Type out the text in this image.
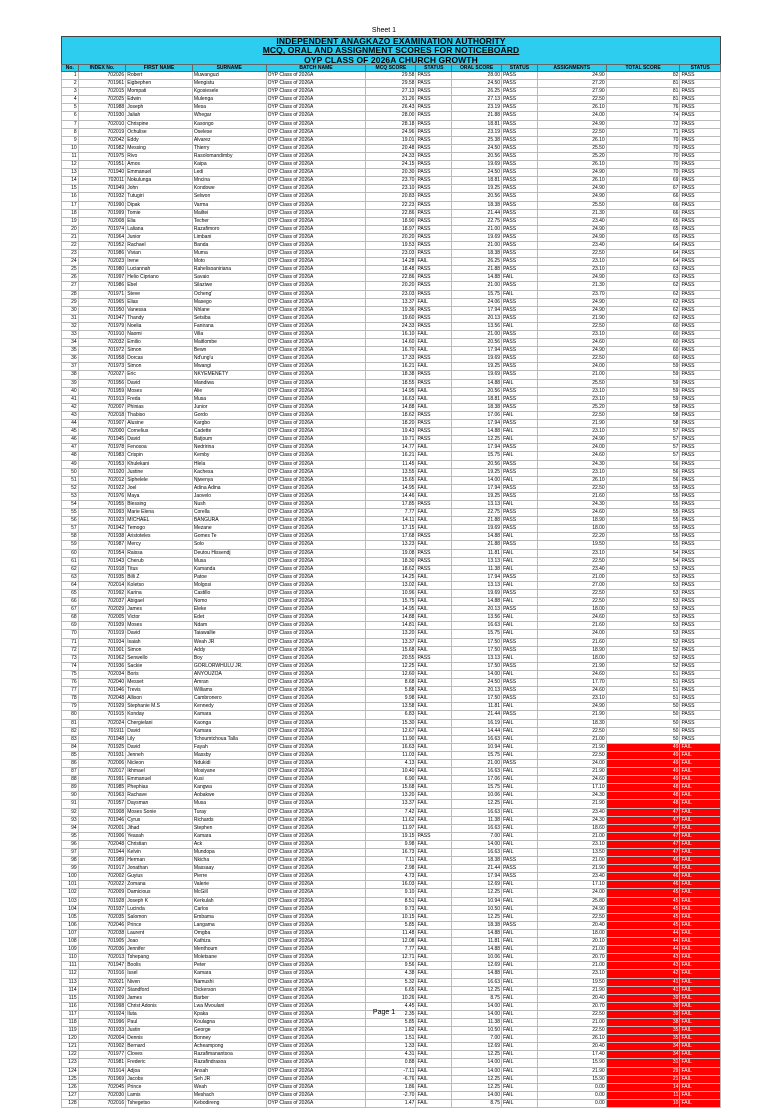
Sheet 1
INDEPENDENT ANAGKAZO EXAMINATION AUTHORITY
MCQ, ORAL AND ASSIGNMENT SCORES FOR NOTICEBOARD
OYP CLASS OF 2026A CHURCH GROWTH
No.	INDEX No.	FIRST NAME	SURNAME	BATCH NAME	MCQ SCORE	STATUS	ORAL SCORE	STATUS	ASSIGNMENTS	TOTAL SCORE	STATUS
1	702026	Robert	Muwanguzi	OYP Class of 2026A	29.58	PASS	28.00	PASS	24.90	82	PASS
2	701961	Eigbephen	Mengistu	OYP Class of 2026A	29.58	PASS	24.50	PASS	27.20	81	PASS
3	702015	Mompati	Kgosiesele	OYP Class of 2026A	27.13	PASS	26.25	PASS	27.90	81	PASS
4	702025	Edwin	Mulenga	OYP Class of 2026A	31.26	PASS	27.13	PASS	22.50	81	PASS
5	701988	Joseph	Mesa	OYP Class of 2026A	26.43	PASS	23.19	PASS	26.10	76	PASS
6	701930	Jaliah	Whegar	OYP Class of 2026A	28.00	PASS	21.88	PASS	24.00	74	PASS
7	702010	Chrispine	Kasongo	OYP Class of 2026A	28.18	PASS	18.81	PASS	24.90	72	PASS
8	702019	Ochulise	Oselese	OYP Class of 2026A	24.96	PASS	23.19	PASS	22.50	71	PASS
9	702042	Eddy	Alvarez	OYP Class of 2026A	19.01	PASS	25.38	PASS	26.10	70	PASS
10	701982	Messing	Thierry	OYP Class of 2026A	20.48	PASS	24.50	PASS	25.50	70	PASS
11	701975	Rivo	Rasolomandimby	OYP Class of 2026A	24.33	PASS	20.56	PASS	25.20	70	PASS
12	701951	Amos	Kaipa	OYP Class of 2026A	24.15	PASS	19.69	PASS	26.10	70	PASS
13	701940	Emmanuel	Ledi	OYP Class of 2026A	20.30	PASS	24.50	PASS	24.90	70	PASS
14	702011	Nokulunga	Mncina	OYP Class of 2026A	23.70	PASS	18.81	PASS	26.10	69	PASS
15	701949	John	Kondowe	OYP Class of 2026A	23.10	PASS	19.25	PASS	24.90	67	PASS
16	701932	Tutugiri	Selwon	OYP Class of 2026A	20.83	PASS	20.56	PASS	24.90	66	PASS
17	701990	Dipak	Varma	OYP Class of 2026A	22.23	PASS	18.38	PASS	25.50	66	PASS
18	701999	Tomie	Mailtei	OYP Class of 2026A	22.86	PASS	21.44	PASS	21.30	66	PASS
19	702008	Elia	Techer	OYP Class of 2026A	18.90	PASS	22.75	PASS	23.40	65	PASS
20	701974	Laliana	Razafimoro	OYP Class of 2026A	18.97	PASS	21.00	PASS	24.90	65	PASS
21	701964	Junior	Limbani	OYP Class of 2026A	20.20	PASS	19.69	PASS	24.90	65	PASS
22	701952	Rachael	Banda	OYP Class of 2026A	19.53	PASS	21.00	PASS	23.40	64	PASS
23	701986	Vivian	Muma	OYP Class of 2026A	23.03	PASS	18.38	PASS	22.50	64	PASS
24	702023	Irene	Moto	OYP Class of 2026A	14.28	FAIL	26.25	PASS	23.10	64	PASS
25	701980	Luciannah	Rahelisoaniriana	OYP Class of 2026A	18.48	PASS	21.88	PASS	23.10	63	PASS
26	701997	Helio Cipriano	Savaio	OYP Class of 2026A	22.86	PASS	14.88	FAIL	24.90	63	PASS
27	701986	Ebel	Silaziwe	OYP Class of 2026A	20.20	PASS	21.00	PASS	21.30	62	PASS
28	701971	Steve	Ocheng'	OYP Class of 2026A	23.03	PASS	15.75	FAIL	23.70	62	PASS
29	701965	Elias	Masego	OYP Class of 2026A	13.37	FAIL	24.06	PASS	24.90	62	PASS
30	701950	Vanessa	Nhlane	OYP Class of 2026A	19.36	PASS	17.94	PASS	24.90	62	PASS
31	701947	Thandy	Setsiba	OYP Class of 2026A	19.60	PASS	20.13	PASS	21.90	62	PASS
32	701979	Noelia	Fanirana	OYP Class of 2026A	24.33	PASS	13.56	FAIL	22.50	60	PASS
33	701910	Naomi	Villa	OYP Class of 2026A	16.10	FAIL	21.00	PASS	23.10	60	PASS
34	702032	Emilio	Maitlombe	OYP Class of 2026A	14.60	FAIL	20.56	PASS	24.60	60	PASS
35	701972	Simon	Bewn	OYP Class of 2026A	16.70	FAIL	17.94	PASS	24.90	60	PASS
36	701958	Dorcas	Nd'ung'u	OYP Class of 2026A	17.33	PASS	19.69	PASS	22.50	60	PASS
37	701973	Simon	Mwangi	OYP Class of 2026A	16.21	FAIL	19.25	PASS	24.00	59	PASS
38	702027	Eric	NKYEMENETY	OYP Class of 2026A	18.38	PASS	19.69	PASS	21.00	59	PASS
39	701956	David	Mandiwa	OYP Class of 2026A	18.55	PASS	14.88	FAIL	25.50	59	PASS
40	701959	Moses	Alie	OYP Class of 2026A	14.95	FAIL	20.56	PASS	23.10	59	PASS
41	701913	Freda	Musa	OYP Class of 2026A	16.63	FAIL	18.81	PASS	23.10	59	PASS
42	702007	Phinias	Junior	OYP Class of 2026A	14.88	FAIL	18.38	PASS	25.20	58	PASS
43	702018	Thabiso	Gordo	OYP Class of 2026A	18.62	PASS	17.06	FAIL	22.50	58	PASS
44	701907	Alusine	Kargbo	OYP Class of 2026A	18.20	PASS	17.94	PASS	21.90	58	PASS
45	702000	Cornelius	Cadette	OYP Class of 2026A	19.43	PASS	14.88	FAIL	23.10	57	PASS
46	701945	David	Batjoum	OYP Class of 2026A	19.71	PASS	12.25	FAIL	24.90	57	PASS
47	701978	Fenosoa	Nedririna	OYP Class of 2026A	14.77	FAIL	17.94	PASS	24.00	57	PASS
48	701983	Crispin	Kemby	OYP Class of 2026A	16.21	FAIL	15.75	FAIL	24.60	57	PASS
49	701953	Khulekani	Hlela	OYP Class of 2026A	11.45	FAIL	20.56	PASS	24.30	56	PASS
50	701920	Justine	Kachesa	OYP Class of 2026A	13.55	FAIL	19.25	PASS	23.10	56	PASS
51	702012	Siphelele	Njwenya	OYP Class of 2026A	15.65	FAIL	14.00	FAIL	26.10	56	PASS
52	701922	Joel	Adina Adina	OYP Class of 2026A	14.95	FAIL	17.94	PASS	22.50	55	PASS
53	701976	Maya	Jaovelo	OYP Class of 2026A	14.46	FAIL	19.25	PASS	21.60	55	PASS
54	701955	Blessing	Nush	OYP Class of 2026A	17.85	PASS	13.13	FAIL	24.30	55	PASS
55	701993	Marie Elena	Corella	OYP Class of 2026A	7.77	FAIL	22.75	PASS	24.60	55	PASS
56	701923	MICHAEL	BANGURA	OYP Class of 2026A	14.11	FAIL	21.88	PASS	18.90	55	PASS
57	701942	Temogo	Mezane	OYP Class of 2026A	17.15	FAIL	19.69	PASS	18.00	55	PASS
58	701938	Aristoteles	Gomes Te	OYP Class of 2026A	17.68	PASS	14.88	FAIL	22.20	55	PASS
59	701987	Mercy	Solo	OYP Class of 2026A	13.23	FAIL	21.88	PASS	19.50	55	PASS
60	701954	Raissa	Deutou Hissendj	OYP Class of 2026A	19.08	PASS	11.81	FAIL	23.10	54	PASS
61	701943	Cherub	Musa	OYP Class of 2026A	18.30	PASS	13.13	FAIL	22.50	54	PASS
62	701918	Titus	Kamanda	OYP Class of 2026A	18.62	PASS	11.38	FAIL	23.40	53	PASS
63	701935	Billi Z	Patoe	OYP Class of 2026A	14.25	FAIL	17.94	PASS	21.00	53	PASS
64	702014	Koletso	Molgosi	OYP Class of 2026A	13.02	FAIL	13.13	FAIL	27.00	53	PASS
65	701992	Karina	Castillo	OYP Class of 2026A	10.96	FAIL	19.69	PASS	22.50	53	PASS
66	702037	Abigael	Nomo	OYP Class of 2026A	15.75	FAIL	14.88	FAIL	22.50	53	PASS
67	702029	James	Eleke	OYP Class of 2026A	14.95	FAIL	20.13	PASS	18.00	53	PASS
68	702005	Victor	Edet	OYP Class of 2026A	14.88	FAIL	13.56	FAIL	24.60	53	PASS
69	701939	Moses	Ndam	OYP Class of 2026A	14.81	FAIL	16.63	FAIL	21.60	53	PASS
70	701919	David	Taiawallie	OYP Class of 2026A	13.20	FAIL	15.75	FAIL	24.00	53	PASS
71	701934	Isaiah	Weah JR	OYP Class of 2026A	13.37	FAIL	17.50	PASS	21.60	52	PASS
72	701901	Simon	Addy	OYP Class of 2026A	15.68	FAIL	17.50	PASS	18.90	52	PASS
73	701962	Senwello	Boy	OYP Class of 2026A	20.55	PASS	13.13	FAIL	18.00	52	PASS
74	701936	Sackie	GORLORWHULU JR.	OYP Class of 2026A	12.25	FAIL	17.50	PASS	21.90	52	PASS
75	702034	Boris	ANYOUZOA	OYP Class of 2026A	12.60	FAIL	14.00	FAIL	24.60	51	PASS
76	702040	Messet	Amran	OYP Class of 2026A	8.68	FAIL	24.50	PASS	17.70	51	PASS
77	701946	Trevis	Williams	OYP Class of 2026A	5.88	FAIL	20.13	PASS	24.60	51	PASS
78	702048	Allison	Cambronero	OYP Class of 2026A	9.98	FAIL	17.50	PASS	23.10	51	PASS
79	701929	Stephanie M.S	Kennedy	OYP Class of 2026A	13.58	FAIL	11.81	FAIL	24.90	50	PASS
80	701915	Konday	Kamara	OYP Class of 2026A	6.83	FAIL	21.44	PASS	21.90	50	PASS
81	702024	Chergielani	Kaonga	OYP Class of 2026A	15.30	FAIL	16.19	FAIL	18.30	50	PASS
82	701911	David	Kamara	OYP Class of 2026A	12.67	FAIL	14.44	FAIL	22.50	50	PASS
83	701948	Lily	Tchoumtchoua Talla	OYP Class of 2026A	11.90	FAIL	16.63	FAIL	21.00	50	PASS
84	701925	David	Fayah	OYP Class of 2026A	16.63	FAIL	10.94	FAIL	21.90	49	FAIL
85	701931	Jenneh	Massby	OYP Class of 2026A	11.03	FAIL	15.75	FAIL	22.50	49	FAIL
86	702006	Nicleon	Ndukidi	OYP Class of 2026A	4.13	FAIL	21.00	PASS	24.00	49	FAIL
87	702017	Ikhmael	Mosiyane	OYP Class of 2026A	10.40	FAIL	16.63	FAIL	21.90	49	FAIL
88	701991	Emmanuel	Kusi	OYP Class of 2026A	6.90	FAIL	17.06	FAIL	24.60	49	FAIL
89	701985	Phephias	Kangwa	OYP Class of 2026A	15.68	FAIL	15.75	FAIL	17.10	48	FAIL
90	701963	Rachave	Aobakwe	OYP Class of 2026A	13.20	FAIL	10.06	FAIL	24.30	48	FAIL
91	701957	Daysman	Musa	OYP Class of 2026A	13.37	FAIL	12.25	FAIL	21.90	48	FAIL
92	701908	Moses Sonie	Turay	OYP Class of 2026A	7.42	FAIL	16.63	FAIL	23.40	47	FAIL
93	701946	Cyrus	Richards	OYP Class of 2026A	11.62	FAIL	11.38	FAIL	24.30	47	FAIL
94	702001	Jihad	Stephen	OYP Class of 2026A	11.97	FAIL	16.63	FAIL	18.60	47	FAIL
95	701906	Yeasah	Kamara	OYP Class of 2026A	19.15	PASS	7.00	FAIL	21.00	47	FAIL
96	702048	Christian	Ack	OYP Class of 2026A	9.98	FAIL	14.00	FAIL	23.10	47	FAIL
97	701944	Kelvin	Mundopa	OYP Class of 2026A	16.73	FAIL	16.63	FAIL	13.50	47	FAIL
98	701989	Herman	Nkicha	OYP Class of 2026A	7.11	FAIL	18.38	PASS	21.00	46	FAIL
99	701917	Jonathan	Massaay	OYP Class of 2026A	2.98	FAIL	21.44	PASS	21.90	46	FAIL
100	702002	Guyius	Pierre	OYP Class of 2026A	4.73	FAIL	17.94	PASS	23.40	46	FAIL
101	702022	Zomana	Valerie	OYP Class of 2026A	16.03	FAIL	12.69	FAIL	17.10	46	FAIL
102	702009	Damicious	McGill	OYP Class of 2026A	9.10	FAIL	12.25	FAIL	24.00	45	FAIL
103	701928	Joseph K	Kerkulah	OYP Class of 2026A	8.51	FAIL	10.94	FAIL	25.80	45	FAIL
104	701937	Lucinda	Carlos	OYP Class of 2026A	9.73	FAIL	10.50	FAIL	24.90	45	FAIL
105	702035	Salomon	Embama	OYP Class of 2026A	10.15	FAIL	12.25	FAIL	22.50	45	FAIL
106	702046	Prince	Langama	OYP Class of 2026A	5.85	FAIL	18.38	PASS	20.40	45	FAIL
107	702038	Laurent	Omgba	OYP Class of 2026A	11.48	FAIL	14.88	FAIL	18.00	44	FAIL
108	701905	Joao	Kathiza	OYP Class of 2026A	12.08	FAIL	11.81	FAIL	20.10	44	FAIL
109	702036	Jennifer	Menthoum	OYP Class of 2026A	7.77	FAIL	14.88	FAIL	21.00	44	FAIL
110	702013	Tshepang	Moletsane	OYP Class of 2026A	12.71	FAIL	10.06	FAIL	20.70	43	FAIL
111	701947	Boolis	Peter	OYP Class of 2026A	9.56	FAIL	12.69	FAIL	21.00	43	FAIL
112	701916	Issel	Kamara	OYP Class of 2026A	4.38	FAIL	14.88	FAIL	23.10	42	FAIL
113	702021	Niven	Namushi	OYP Class of 2026A	5.32	FAIL	16.63	FAIL	19.50	41	FAIL
114	701927	Standford	Dickerson	OYP Class of 2026A	6.65	FAIL	12.25	FAIL	21.90	41	FAIL
115	701909	James	Barber	OYP Class of 2026A	10.26	FAIL	8.75	FAIL	20.40	39	FAIL
116	701998	Christ Adonis	Lwa Mvoulani	OYP Class of 2026A	4.45	FAIL	14.00	FAIL	20.70	39	FAIL
117	701924	Iluta	Kpaka	OYP Class of 2026A	2.35	FAIL	14.00	FAIL	22.50	39	FAIL
118	701996	Paul	Koulagna	OYP Class of 2026A	5.85	FAIL	11.38	FAIL	21.00	38	FAIL
119	701933	Justin	George	OYP Class of 2026A	1.82	FAIL	10.50	FAIL	22.50	35	FAIL
120	702004	Dennis	Bonney	OYP Class of 2026A	1.51	FAIL	7.00	FAIL	26.10	35	FAIL
121	701902	Bernard	Acheampong	OYP Class of 2026A	1.33	FAIL	12.69	FAIL	20.40	34	FAIL
122	701977	Cloves	Razafimanantsoa	OYP Class of 2026A	4.31	FAIL	12.25	FAIL	17.40	34	FAIL
123	701981	Frederic	Razafindrasoa	OYP Class of 2026A	0.88	FAIL	14.00	FAIL	15.90	31	FAIL
124	701914	Adjoa	Ansah	OYP Class of 2026A	-7.11	FAIL	14.00	FAIL	21.90	29	FAIL
125	701969	Jacobs	Seh JR	OYP Class of 2026A	-6.76	FAIL	12.25	FAIL	15.90	21	FAIL
126	702045	Prince	Weah	OYP Class of 2026A	1.86	FAIL	12.25	FAIL	0.00	14	FAIL
127	702030	Lamis	Meshach	OYP Class of 2026A	-2.70	FAIL	14.00	FAIL	0.00	11	FAIL
128	702016	Tshegetso	Kebodireng	OYP Class of 2026A	1.47	FAIL	8.75	FAIL	0.00	10	FAIL
Page 1
